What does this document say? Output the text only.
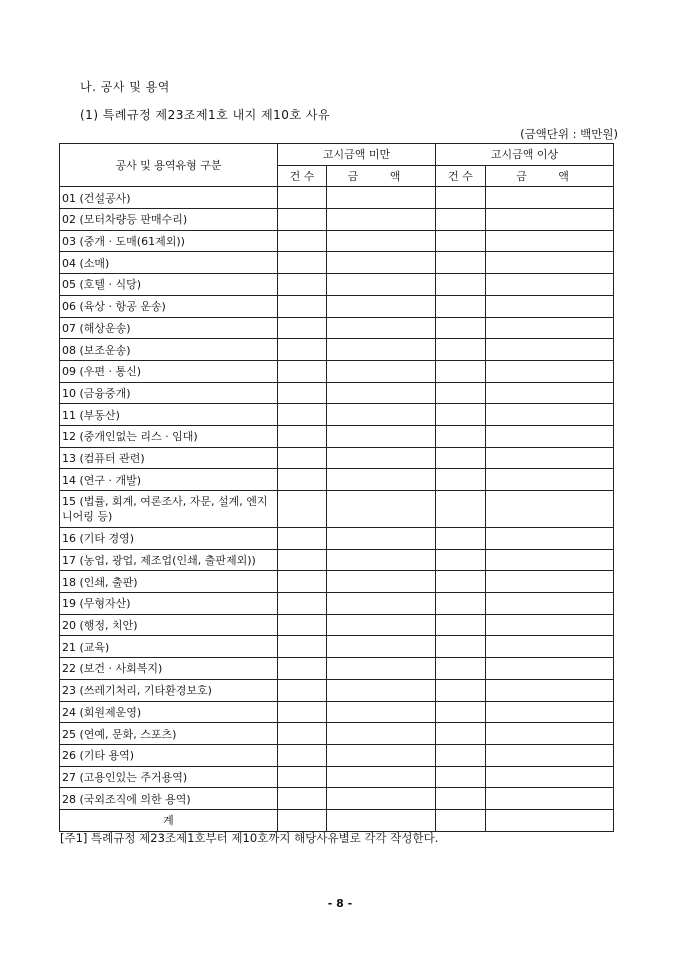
나. 공사 및 용역
(1) 특례규정 제23조제1호 내지 제10호 사유
(금액단위 : 백만원)
공사 및 용역유형 구분	고시금액 미만		고시금액 이상	
	건 수	금 액	건 수	금 액
01 (건설공사)				
02 (모터차량등 판매수리)				
03 (중개 · 도매(61제외))				
04 (소매)				
05 (호텔 · 식당)				
06 (육상 · 항공 운송)				
07 (해상운송)				
08 (보조운송)				
09 (우편 · 통신)				
10 (금융중개)				
11 (부동산)				
12 (중개인없는 리스 · 임대)				
13 (컴퓨터 관련)				
14 (연구 · 개발)				
15 (법률, 회계, 여론조사, 자문, 설계, 엔지니어링 등)				
16 (기타 경영)				
17 (농업, 광업, 제조업(인쇄, 출판제외))				
18 (인쇄, 출판)				
19 (무형자산)				
20 (행정, 치안)				
21 (교육)				
22 (보건 · 사회복지)				
23 (쓰레기처리, 기타환경보호)				
24 (회원제운영)				
25 (연예, 문화, 스포츠)				
26 (기타 용역)				
27 (고용인있는 주거용역)				
28 (국외조직에 의한 용역)				
계				
[주1] 특례규정 제23조제1호부터 제10호까지 해당사유별로 각각 작성한다.
- 8 -
